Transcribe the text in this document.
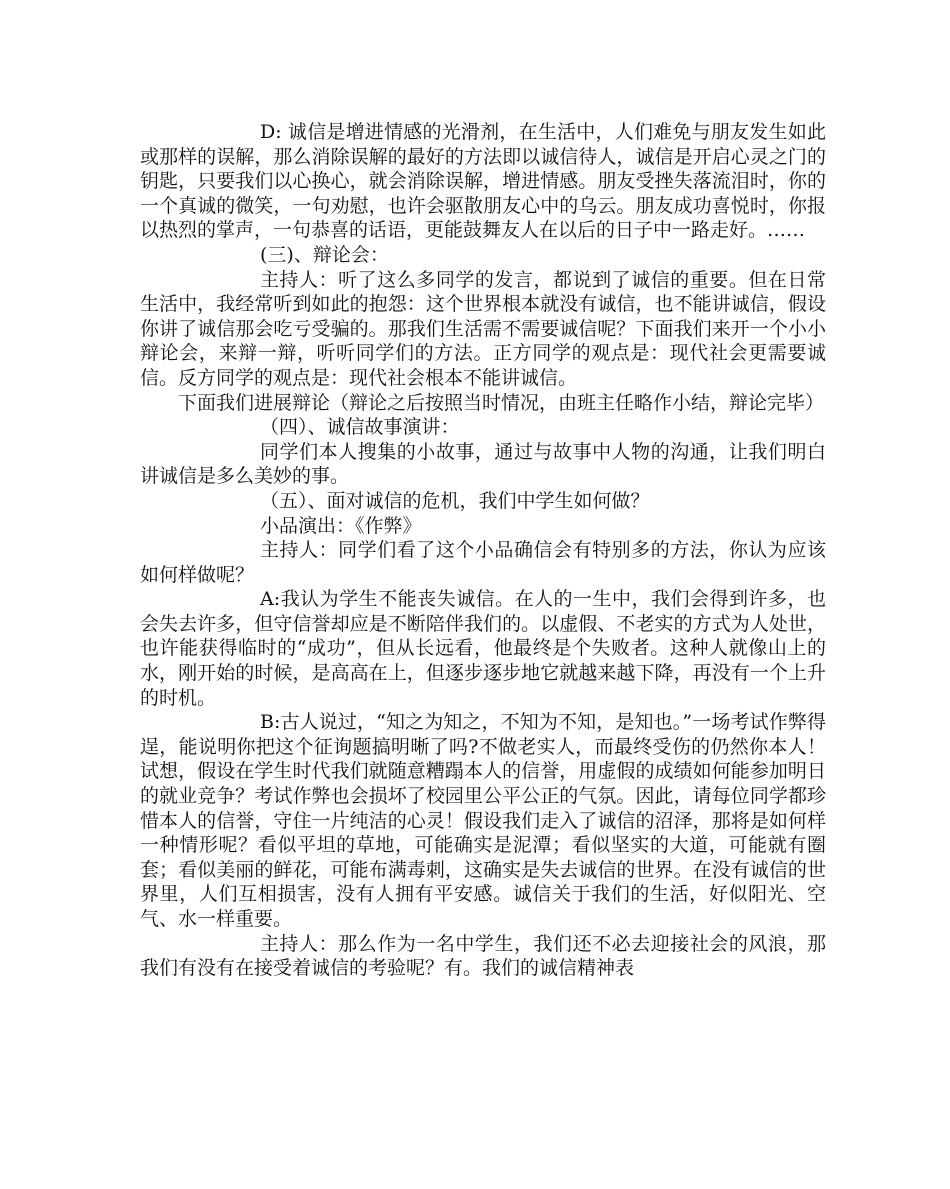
D: 诚信是增进情感的光滑剂，在生活中，人们难免与朋友发生如此或那样的误解，那么消除误解的最好的方法即以诚信待人，诚信是开启心灵之门的钥匙，只要我们以心换心，就会消除误解，增进情感。朋友受挫失落流泪时，你的一个真诚的微笑，一句劝慰，也许会驱散朋友心中的乌云。朋友成功喜悦时，你报以热烈的掌声，一句恭喜的话语，更能鼓舞友人在以后的日子中一路走好。……

(三)、辩论会：

主持人：听了这么多同学的发言，都说到了诚信的重要。但在日常生活中，我经常听到如此的抱怨：这个世界根本就没有诚信，也不能讲诚信，假设你讲了诚信那会吃亏受骗的。那我们生活需不需要诚信呢？下面我们来开一个小小辩论会，来辩一辩，听听同学们的方法。正方同学的观点是：现代社会更需要诚信。反方同学的观点是：现代社会根本不能讲诚信。

下面我们进展辩论（辩论之后按照当时情况，由班主任略作小结，辩论完毕）

（四）、诚信故事演讲：

同学们本人搜集的小故事，通过与故事中人物的沟通，让我们明白讲诚信是多么美妙的事。

（五）、面对诚信的危机，我们中学生如何做？

小品演出：《作弊》

主持人：同学们看了这个小品确信会有特别多的方法，你认为应该如何样做呢？

A:我认为学生不能丧失诚信。在人的一生中，我们会得到许多，也会失去许多，但守信誉却应是不断陪伴我们的。以虚假、不老实的方式为人处世，也许能获得临时的“成功”，但从长远看，他最终是个失败者。这种人就像山上的水，刚开始的时候，是高高在上，但逐步逐步地它就越来越下降，再没有一个上升的时机。

B:古人说过，“知之为知之，不知为不知，是知也。”一场考试作弊得逞，能说明你把这个征询题搞明晰了吗?不做老实人，而最终受伤的仍然你本人！试想，假设在学生时代我们就随意糟蹋本人的信誉，用虚假的成绩如何能参加明日的就业竞争？考试作弊也会损坏了校园里公平公正的气氛。因此，请每位同学都珍惜本人的信誉，守住一片纯洁的心灵！假设我们走入了诚信的沼泽，那将是如何样一种情形呢？看似平坦的草地，可能确实是泥潭；看似坚实的大道，可能就有圈套；看似美丽的鲜花，可能布满毒刺，这确实是失去诚信的世界。在没有诚信的世界里，人们互相损害，没有人拥有平安感。诚信关于我们的生活，好似阳光、空气、水一样重要。

主持人：那么作为一名中学生，我们还不必去迎接社会的风浪，那我们有没有在接受着诚信的考验呢？有。我们的诚信精神表
